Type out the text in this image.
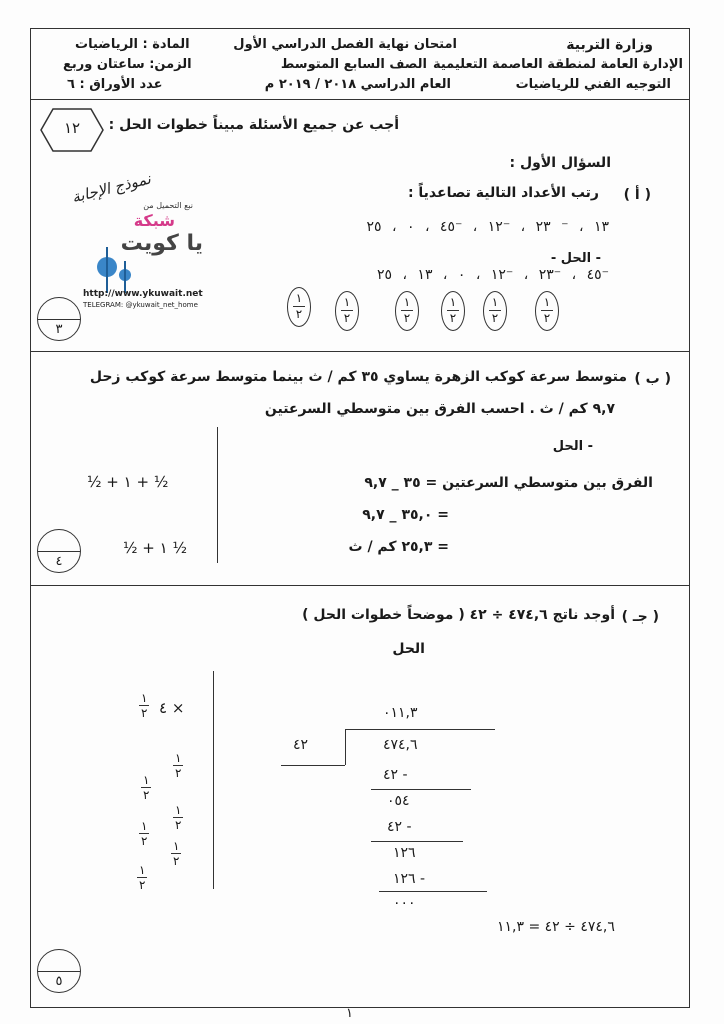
وزارة التربية
الإدارة العامة لمنطقة العاصمة التعليمية
التوجيه الفني للرياضيات
امتحان نهاية الفصل الدراسي الأول
الصف السابع المتوسط
العام الدراسي ٢٠١٨ / ٢٠١٩ م
المادة : الرياضيات
الزمن: ساعتان وربع
عدد الأوراق : ٦
١٢
نموذج الإجابة
نبع التحميل من
شبكة
يا كويت
http://www.ykuwait.net
TELEGRAM: @ykuwait_net_home
أجب عن جميع الأسئلة مبيناً خطوات الحل :
السؤال الأول :
( أ )
رتب الأعداد التالية تصاعدياً :
١٣ ، ⁻ ٢٣ ، ⁻١٢ ، ⁻٤٥ ، ٠ ، ٢٥
- الحل -
⁻٤٥ ، ⁻٢٣ ، ⁻١٢ ، ٠ ، ١٣ ، ٢٥
١
٢
١
٢
١
٢
١
٢
١
٢
١
٢
٣
( ب )
متوسط سرعة كوكب الزهرة يساوي ٣٥ كم / ث بينما متوسط سرعة كوكب زحل
٩,٧ كم / ث . احسب الفرق بين متوسطي السرعتين
- الحل
الفرق بين متوسطي السرعتين = ٣٥ _ ٩,٧
= ٣٥,٠ _ ٩,٧
= ٢٥,٣ كم / ث
½ + ١ + ½
½ + ١ ½
٤
( جـ )
أوجد ناتج ٤٧٤,٦ ÷ ٤٢ ( موضحاً خطوات الحل )
الحل
٠١١,٣
٤٢	٤٧٤,٦
٤٢ -
٠٥٤
٤٢ -
١٢٦
١٢٦ -
٠٠٠
٤٧٤,٦ ÷ ٤٢ = ١١,٣
١
٢ × ٤
١
٢
١
٢
١
٢
١
٢ ١
٢
١
٢
٥
١
